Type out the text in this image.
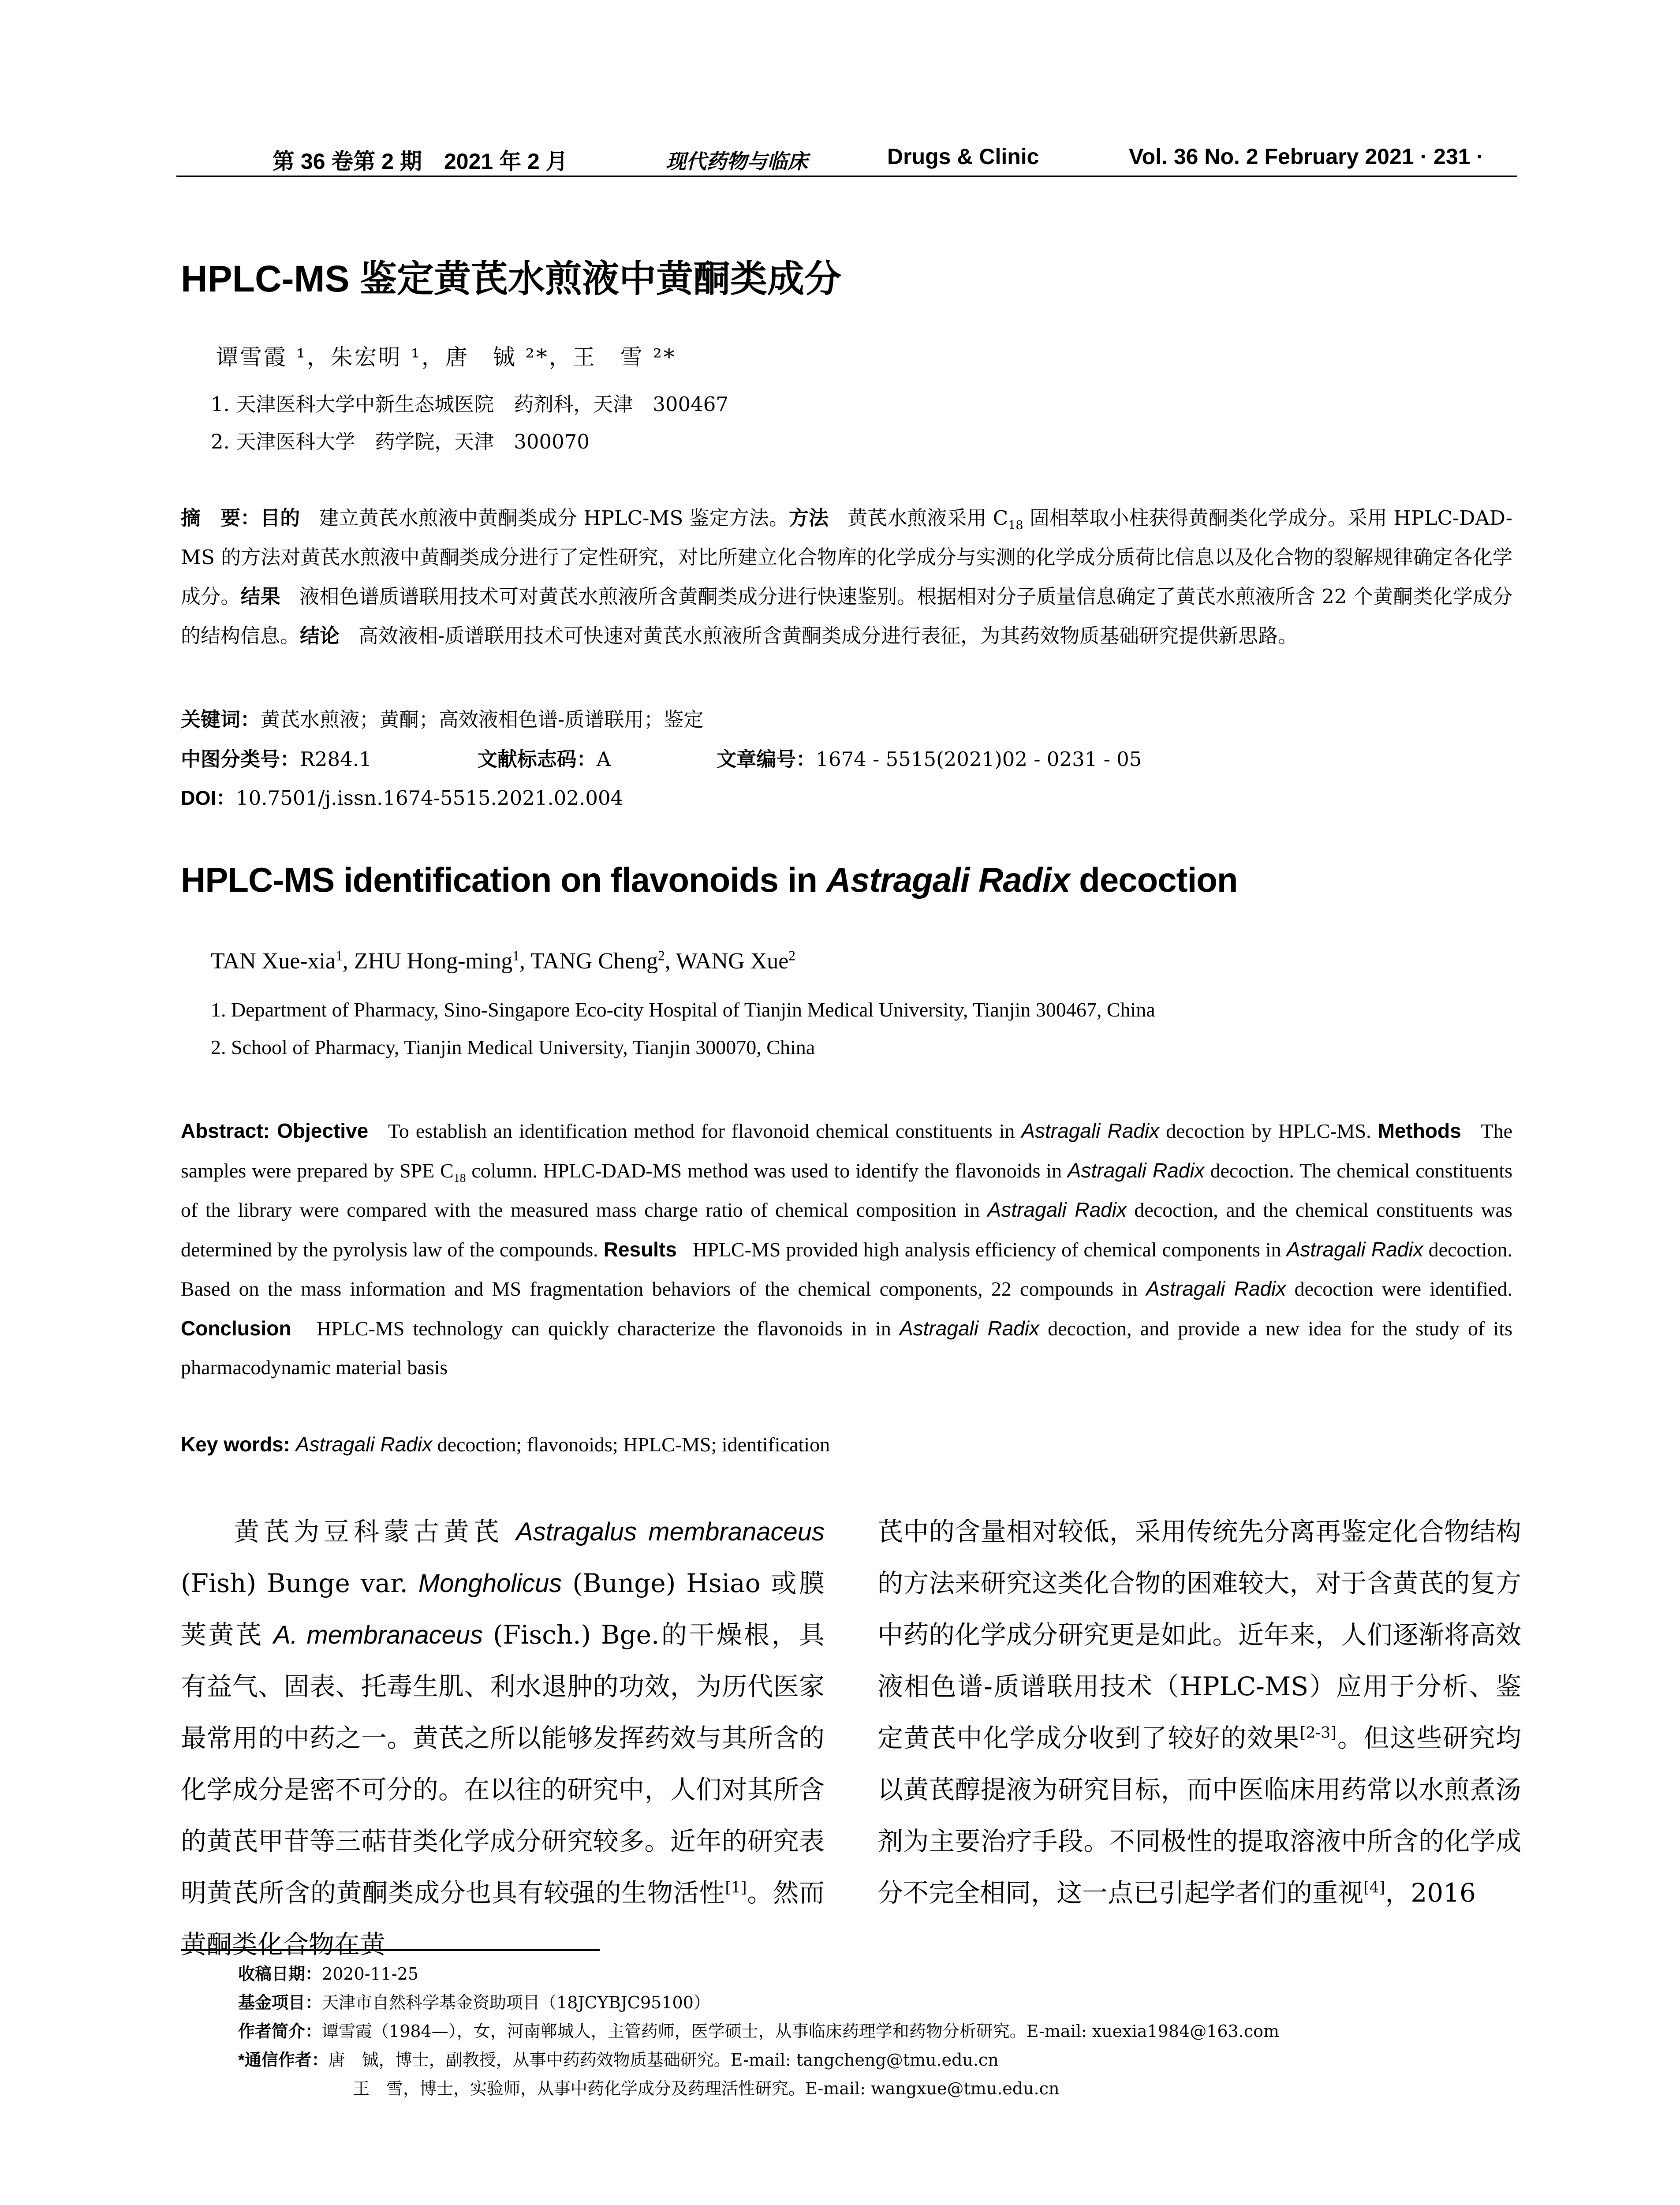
第 36 卷第 2 期　2021 年 2 月	现代药物与临床	Drugs & Clinic	Vol. 36 No. 2 February 2021 · 231 ·
HPLC-MS 鉴定黄芪水煎液中黄酮类成分
谭雪霞 ¹，朱宏明 ¹，唐　铖 ²*，王　雪 ²*
1. 天津医科大学中新生态城医院　药剂科，天津　300467
2. 天津医科大学　药学院，天津　300070
摘　要：目的 建立黄芪水煎液中黄酮类成分 HPLC-MS 鉴定方法。方法 黄芪水煎液采用 $C_{18}$ 固相萃取小柱获得黄酮类化学成分。采用 HPLC-DAD-MS 的方法对黄芪水煎液中黄酮类成分进行了定性研究，对比所建立化合物库的化学成分与实测的化学成分质荷比信息以及化合物的裂解规律确定各化学成分。结果 液相色谱质谱联用技术可对黄芪水煎液所含黄酮类成分进行快速鉴别。根据相对分子质量信息确定了黄芪水煎液所含 22 个黄酮类化学成分的结构信息。结论 高效液相-质谱联用技术可快速对黄芪水煎液所含黄酮类成分进行表征，为其药效物质基础研究提供新思路。
关键词：黄芪水煎液；黄酮；高效液相色谱-质谱联用；鉴定
中图分类号：R284.1	文献标志码：A	文章编号：1674 - 5515(2021)02 - 0231 - 05
DOI：10.7501/j.issn.1674-5515.2021.02.004
HPLC-MS identification on flavonoids in Astragali Radix decoction
TAN Xue-xia$^1$, ZHU Hong-ming$^1$, TANG Cheng$^2$, WANG Xue$^2$
1. Department of Pharmacy, Sino-Singapore Eco-city Hospital of Tianjin Medical University, Tianjin 300467, China
2. School of Pharmacy, Tianjin Medical University, Tianjin 300070, China
Abstract: Objective To establish an identification method for flavonoid chemical constituents in Astragali Radix decoction by HPLC-MS. Methods The samples were prepared by SPE $C_{18}$ column. HPLC-DAD-MS method was used to identify the flavonoids in Astragali Radix decoction. The chemical constituents of the library were compared with the measured mass charge ratio of chemical composition in Astragali Radix decoction, and the chemical constituents was determined by the pyrolysis law of the compounds. Results HPLC-MS provided high analysis efficiency of chemical components in Astragali Radix decoction. Based on the mass information and MS fragmentation behaviors of the chemical components, 22 compounds in Astragali Radix decoction were identified. Conclusion HPLC-MS technology can quickly characterize the flavonoids in in Astragali Radix decoction, and provide a new idea for the study of its pharmacodynamic material basis
Key words: Astragali Radix decoction; flavonoids; HPLC-MS; identification
黄芪为豆科蒙古黄芪 Astragalus membranaceus (Fish) Bunge var. Mongholicus (Bunge) Hsiao 或膜荚黄芪 A. membranaceus (Fisch.) Bge.的干燥根，具有益气、固表、托毒生肌、利水退肿的功效，为历代医家最常用的中药之一。黄芪之所以能够发挥药效与其所含的化学成分是密不可分的。在以往的研究中，人们对其所含的黄芪甲苷等三萜苷类化学成分研究较多。近年的研究表明黄芪所含的黄酮类成分也具有较强的生物活性[1]。然而黄酮类化合物在黄
芪中的含量相对较低，采用传统先分离再鉴定化合物结构的方法来研究这类化合物的困难较大，对于含黄芪的复方中药的化学成分研究更是如此。近年来，人们逐渐将高效液相色谱-质谱联用技术（HPLC-MS）应用于分析、鉴定黄芪中化学成分收到了较好的效果[2-3]。但这些研究均以黄芪醇提液为研究目标，而中医临床用药常以水煎煮汤剂为主要治疗手段。不同极性的提取溶液中所含的化学成分不完全相同，这一点已引起学者们的重视[4]，2016
收稿日期：2020-11-25
基金项目：天津市自然科学基金资助项目（18JCYBJC95100）
作者简介：谭雪霞（1984—），女，河南郸城人，主管药师，医学硕士，从事临床药理学和药物分析研究。E-mail: xuexia1984@163.com
*通信作者：唐　铖，博士，副教授，从事中药药效物质基础研究。E-mail: tangcheng@tmu.edu.cn
王　雪，博士，实验师，从事中药化学成分及药理活性研究。E-mail: wangxue@tmu.edu.cn
